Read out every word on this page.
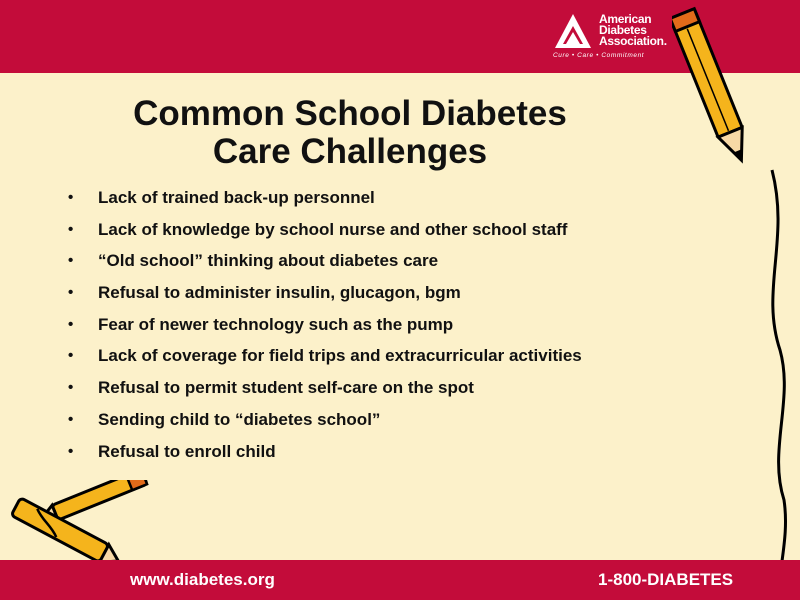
American
Diabetes
Association.
Cure • Care • Commitment
Common School Diabetes
Care Challenges
• Lack of trained back-up personnel
• Lack of knowledge by school nurse and other school staff
• “Old school” thinking about diabetes care
• Refusal to administer insulin, glucagon, bgm
• Fear of newer technology such as the pump
• Lack of coverage for field trips and extracurricular activities
• Refusal to permit student self-care on the spot
• Sending child to “diabetes school”
• Refusal to enroll child
www.diabetes.org	1-800-DIABETES
